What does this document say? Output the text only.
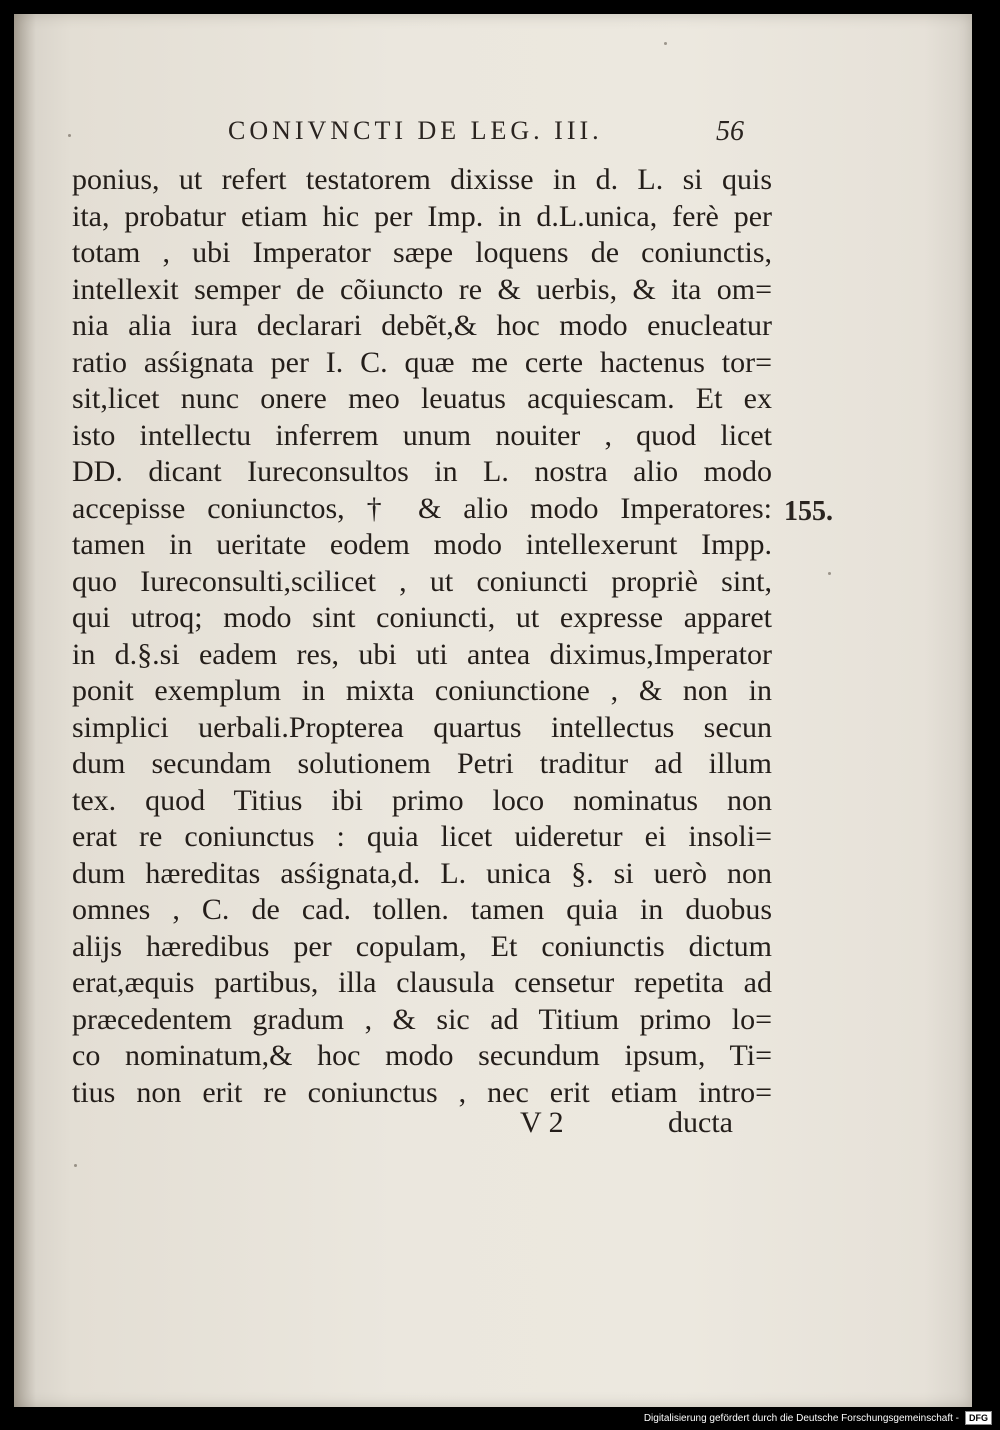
CONIVNCTI DE LEG. III.	56
ponius, ut refert testatorem dixisse in d. L. si quis
ita, probatur etiam hic per Imp. in d.L.unica, ferè per
totam , ubi Imperator sæpe loquens de coniunctis,
intellexit semper de cõiuncto re & uerbis, & ita om=
nia alia iura declarari debẽt,& hoc modo enucleatur
ratio asśignata per I. C. quæ me certe hactenus tor=
sit,licet nunc onere meo leuatus acquiescam. Et ex
isto intellectu inferrem unum nouiter , quod licet
DD. dicant Iureconsultos in L. nostra alio modo
accepisse coniunctos, † & alio modo Imperatores:
tamen in ueritate eodem modo intellexerunt Impp.
quo Iureconsulti,scilicet , ut coniuncti propriè sint,
qui utroq; modo sint coniuncti, ut expresse apparet
in d.§.si eadem res, ubi uti antea diximus,Imperator
ponit exemplum in mixta coniunctione , & non in
simplici uerbali.Propterea quartus intellectus secun
dum secundam solutionem Petri traditur ad illum
tex. quod Titius ibi primo loco nominatus non
erat re coniunctus : quia licet uideretur ei insoli=
dum hæreditas asśignata,d. L. unica §. si uerò non
omnes , C. de cad. tollen. tamen quia in duobus
alijs hæredibus per copulam, Et coniunctis dictum
erat,æquis partibus, illa clausula censetur repetita ad
præcedentem gradum , & sic ad Titium primo lo=
co nominatum,& hoc modo secundum ipsum, Ti=
tius non erit re coniunctus , nec erit etiam intro=
V 2	ducta
155.
Digitalisierung gefördert durch die Deutsche Forschungsgemeinschaft -	DFG
